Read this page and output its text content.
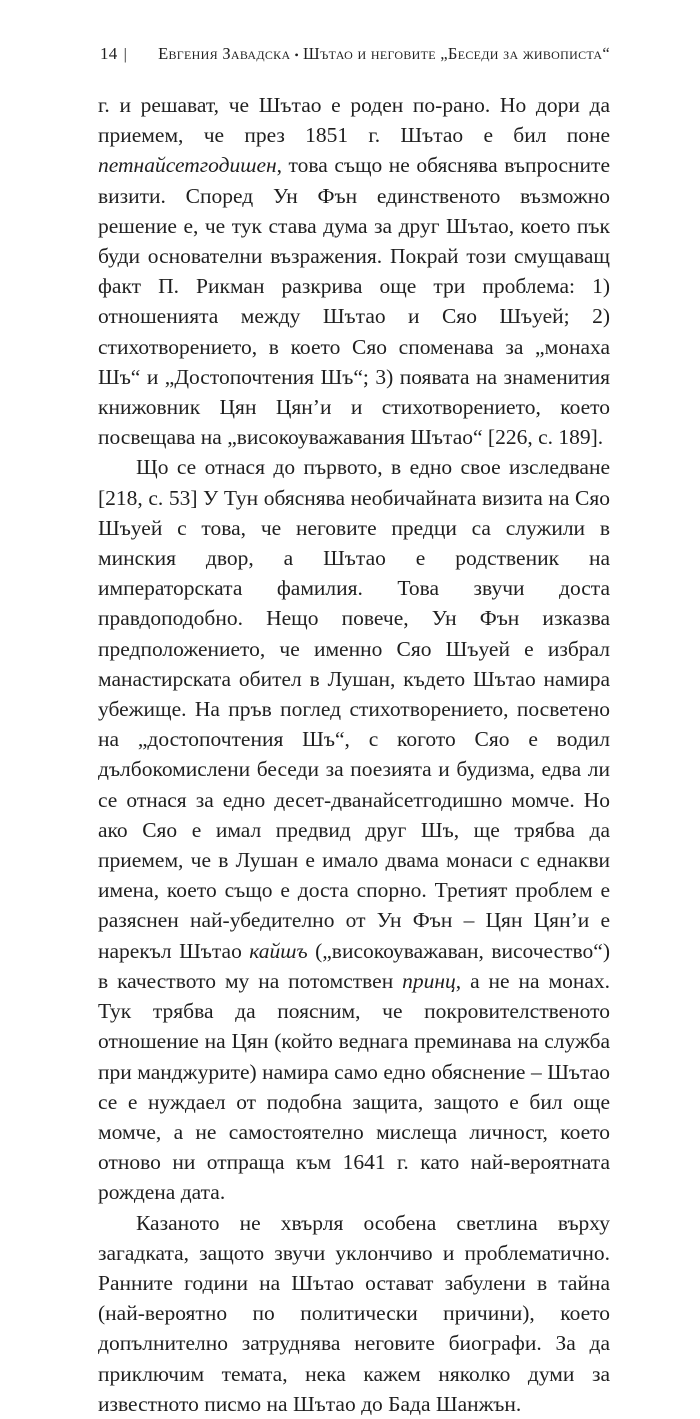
14 | Евгения Завадска • Шътао и неговите „Беседи за живописта“

г. и решават, че Шътао е роден по-рано. Но дори да приемем, че през 1851 г. Шътао е бил поне петнайсетгодишен, това също не обяснява въпросните визити. Според Ун Фън единственото възможно решение е, че тук става дума за друг Шътао, което пък буди основателни възражения. Покрай този смущаващ факт П. Рикман разкрива още три проблема: 1) отношенията между Шътао и Сяо Шъуей; 2) стихотворението, в което Сяо споменава за „монаха Шъ“ и „Достопочтения Шъ“; 3) появата на знаменития книжовник Цян Цян’и и стихотворението, което посвещава на „високоуважавания Шътао“ [226, с. 189].

Що се отнася до първото, в едно свое изследване [218, с. 53] У Тун обяснява необичайната визита на Сяо Шъуей с това, че неговите предци са служили в минския двор, а Шътао е родственик на императорската фамилия. Това звучи доста правдоподобно. Нещо повече, Ун Фън изказва предположението, че именно Сяо Шъуей е избрал манастирската обител в Лушан, където Шътао намира убежище. На пръв поглед стихотворението, посветено на „достопочтения Шъ“, с когото Сяо е водил дълбокомислени беседи за поезията и будизма, едва ли се отнася за едно десет-дванайсетгодишно момче. Но ако Сяо е имал предвид друг Шъ, ще трябва да приемем, че в Лушан е имало двама монаси с еднакви имена, което също е доста спорно. Третият проблем е разяснен най-убедително от Ун Фън – Цян Цян’и е нарекъл Шътао кайшъ („високоуважаван, височество“) в качеството му на потомствен принц, а не на монах. Тук трябва да поясним, че покровителственото отношение на Цян (който веднага преминава на служба при манджурите) намира само едно обяснение – Шътао се е нуждаел от подобна защита, защото е бил още момче, а не самостоятелно мислеща личност, което отново ни отпраща към 1641 г. като най-вероятната рождена дата.

Казаното не хвърля особена светлина върху загадката, защото звучи уклончиво и проблематично. Ранните години на Шътао остават забулени в тайна (най-вероятно по политически причини), което допълнително затруднява неговите биографи. За да приключим темата, нека кажем няколко думи за известното писмо на Шътао до Бада Шанжън.
